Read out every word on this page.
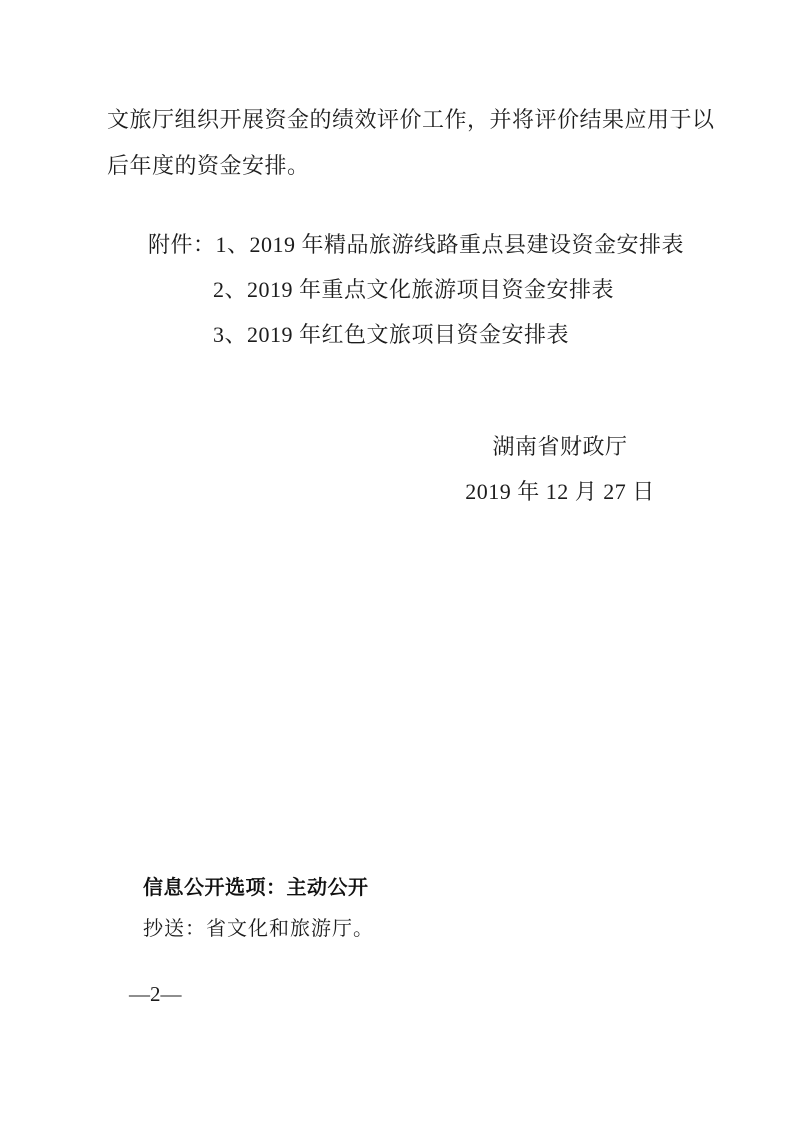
文旅厅组织开展资金的绩效评价工作，并将评价结果应用于以
后年度的资金安排。
附件：1、2019 年精品旅游线路重点县建设资金安排表
2、2019 年重点文化旅游项目资金安排表
3、2019 年红色文旅项目资金安排表
湖南省财政厅
2019 年 12 月 27 日
信息公开选项：主动公开
抄送：省文化和旅游厅。
—2—
